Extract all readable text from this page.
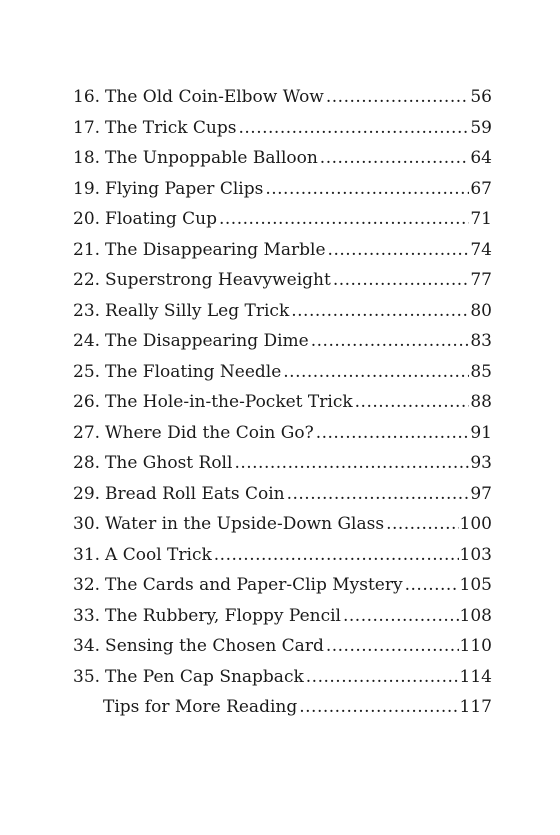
16. The Old Coin-Elbow Wow .....	56
17. The Trick Cups .....	59
18. The Unpoppable Balloon .....	64
19. Flying Paper Clips .....	67
20. Floating Cup .....	71
21. The Disappearing Marble .....	74
22. Superstrong Heavyweight .....	77
23. Really Silly Leg Trick .....	80
24. The Disappearing Dime .....	83
25. The Floating Needle .....	85
26. The Hole-in-the-Pocket Trick .....	88
27. Where Did the Coin Go? .....	91
28. The Ghost Roll .....	93
29. Bread Roll Eats Coin .....	97
30. Water in the Upside-Down Glass .....	100
31. A Cool Trick .....	103
32. The Cards and Paper-Clip Mystery .....	105
33. The Rubbery, Floppy Pencil .....	108
34. Sensing the Chosen Card .....	110
35. The Pen Cap Snapback .....	114
Tips for More Reading .....	117
